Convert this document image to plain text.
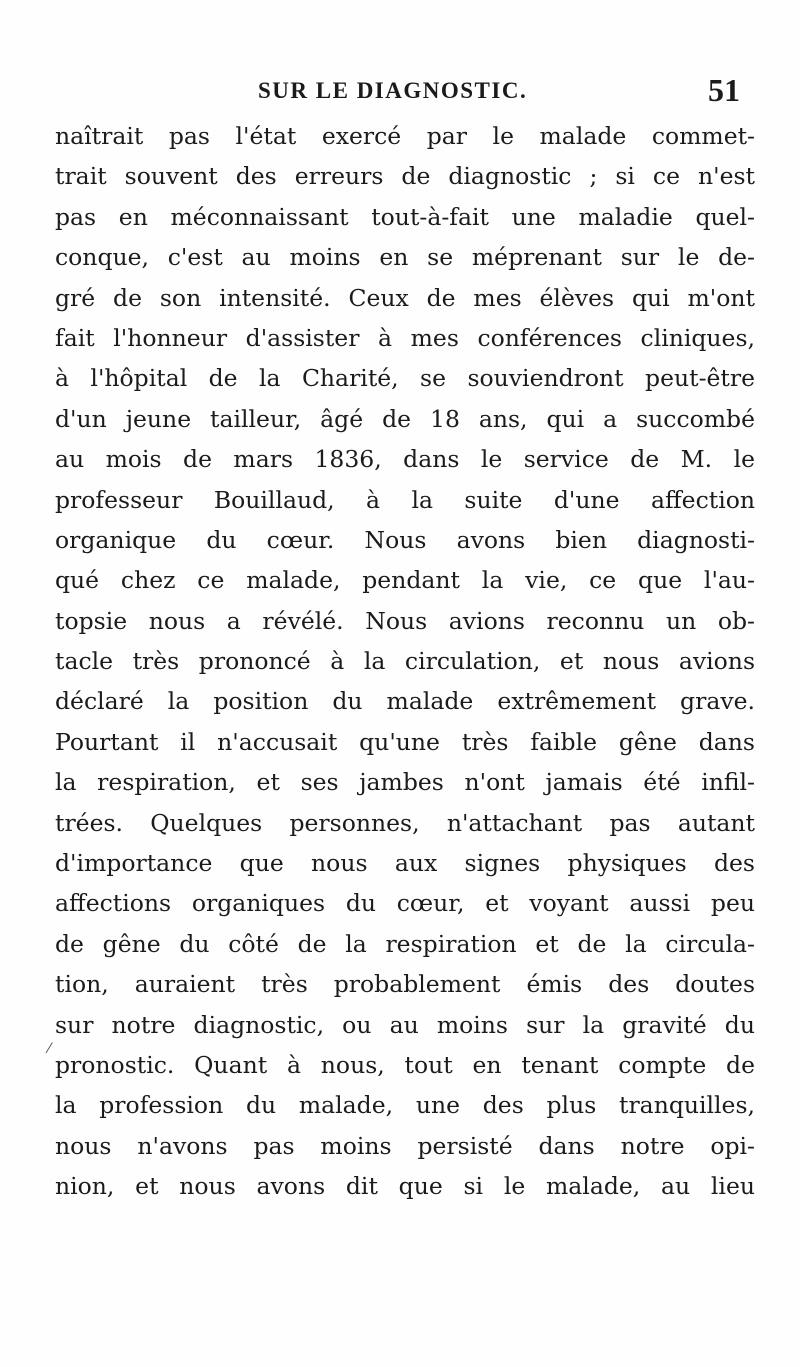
SUR LE DIAGNOSTIC.	51
naîtrait pas l'état exercé par le malade commet-
trait souvent des erreurs de diagnostic ; si ce n'est
pas en méconnaissant tout-à-fait une maladie quel-
conque, c'est au moins en se méprenant sur le de-
gré de son intensité. Ceux de mes élèves qui m'ont
fait l'honneur d'assister à mes conférences cliniques,
à l'hôpital de la Charité, se souviendront peut-être
d'un jeune tailleur, âgé de 18 ans, qui a succombé
au mois de mars 1836, dans le service de M. le
professeur Bouillaud, à la suite d'une affection
organique du cœur. Nous avons bien diagnosti-
qué chez ce malade, pendant la vie, ce que l'au-
topsie nous a révélé. Nous avions reconnu un ob-
tacle très prononcé à la circulation, et nous avions
déclaré la position du malade extrêmement grave.
Pourtant il n'accusait qu'une très faible gêne dans
la respiration, et ses jambes n'ont jamais été infil-
trées. Quelques personnes, n'attachant pas autant
d'importance que nous aux signes physiques des
affections organiques du cœur, et voyant aussi peu
de gêne du côté de la respiration et de la circula-
tion, auraient très probablement émis des doutes
sur notre diagnostic, ou au moins sur la gravité du
pronostic. Quant à nous, tout en tenant compte de
la profession du malade, une des plus tranquilles,
nous n'avons pas moins persisté dans notre opi-
nion, et nous avons dit que si le malade, au lieu
⁄
